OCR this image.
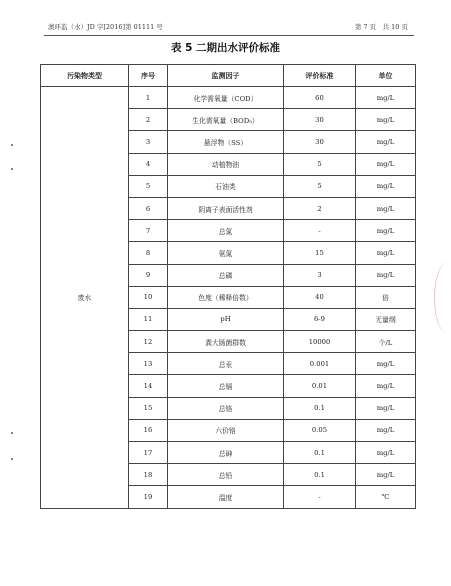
澳环监（水）JD 字[2016]第 01111 号	第 7 页　共 10 页
表 5 二期出水评价标准
污染物类型	序号	监测因子	评价标准	单位
废水	1	化学需氧量（COD）	60	mg/L
	2	生化需氧量（BOD₅）	30	mg/L
	3	悬浮物（SS）	30	mg/L
	4	动植物油	5	mg/L
	5	石油类	5	mg/L
	6	阴离子表面活性剂	2	mg/L
	7	总氮	-	mg/L
	8	氨氮	15	mg/L
	9	总磷	3	mg/L
	10	色度（稀释倍数）	40	倍
	11	pH	6-9	无量纲
	12	粪大肠菌群数	10000	个/L
	13	总汞	0.001	mg/L
	14	总镉	0.01	mg/L
	15	总铬	0.1	mg/L
	16	六价铬	0.05	mg/L
	17	总砷	0.1	mg/L
	18	总铅	0.1	mg/L
	19	温度	-	℃
